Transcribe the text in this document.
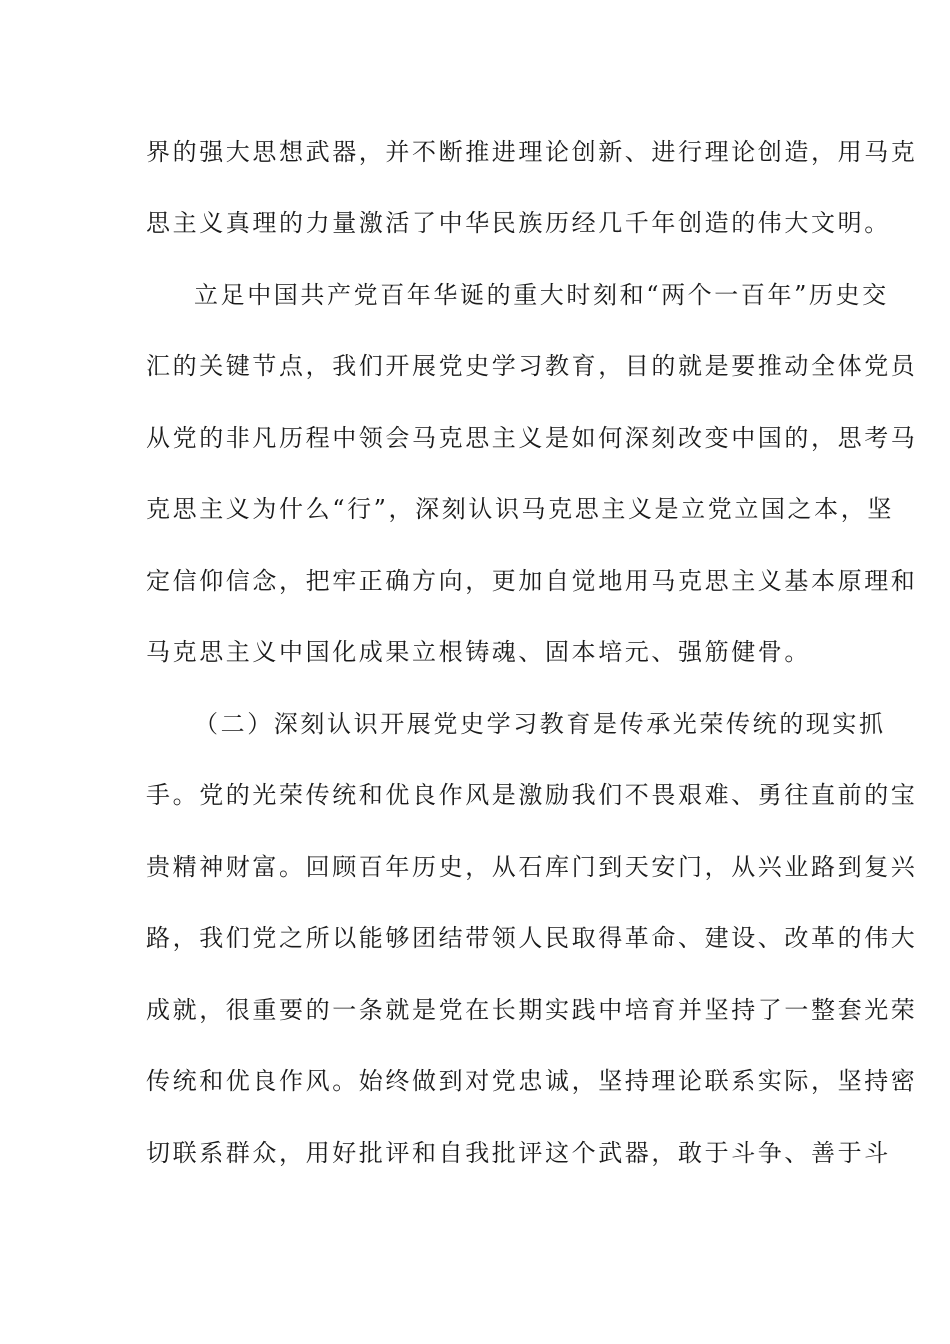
界的强大思想武器，并不断推进理论创新、进行理论创造，用马克
思主义真理的力量激活了中华民族历经几千年创造的伟大文明。
立足中国共产党百年华诞的重大时刻和“两个一百年”历史交
汇的关键节点，我们开展党史学习教育，目的就是要推动全体党员
从党的非凡历程中领会马克思主义是如何深刻改变中国的，思考马
克思主义为什么“行”，深刻认识马克思主义是立党立国之本，坚
定信仰信念，把牢正确方向，更加自觉地用马克思主义基本原理和
马克思主义中国化成果立根铸魂、固本培元、强筋健骨。
（二）深刻认识开展党史学习教育是传承光荣传统的现实抓
手。党的光荣传统和优良作风是激励我们不畏艰难、勇往直前的宝
贵精神财富。回顾百年历史，从石库门到天安门，从兴业路到复兴
路，我们党之所以能够团结带领人民取得革命、建设、改革的伟大
成就，很重要的一条就是党在长期实践中培育并坚持了一整套光荣
传统和优良作风。始终做到对党忠诚，坚持理论联系实际，坚持密
切联系群众，用好批评和自我批评这个武器，敢于斗争、善于斗
